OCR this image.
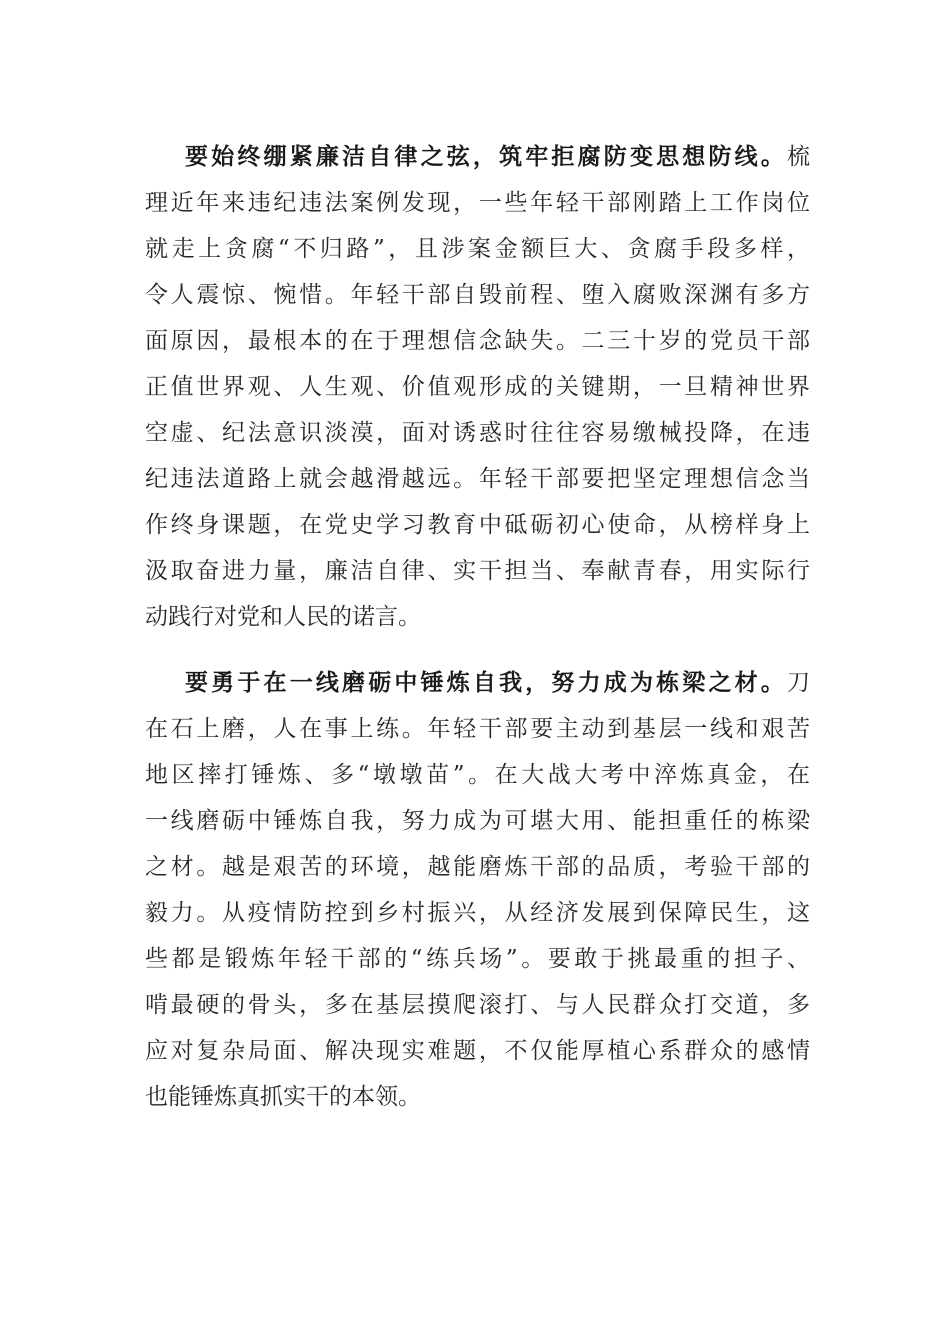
要始终绷紧廉洁自律之弦，筑牢拒腐防变思想防线。梳
理近年来违纪违法案例发现，一些年轻干部刚踏上工作岗位
就走上贪腐“不归路”，且涉案金额巨大、贪腐手段多样，
令人震惊、惋惜。年轻干部自毁前程、堕入腐败深渊有多方
面原因，最根本的在于理想信念缺失。二三十岁的党员干部
正值世界观、人生观、价值观形成的关键期，一旦精神世界
空虚、纪法意识淡漠，面对诱惑时往往容易缴械投降，在违
纪违法道路上就会越滑越远。年轻干部要把坚定理想信念当
作终身课题，在党史学习教育中砥砺初心使命，从榜样身上
汲取奋进力量，廉洁自律、实干担当、奉献青春，用实际行
动践行对党和人民的诺言。
要勇于在一线磨砺中锤炼自我，努力成为栋梁之材。刀
在石上磨，人在事上练。年轻干部要主动到基层一线和艰苦
地区摔打锤炼、多“墩墩苗”。在大战大考中淬炼真金，在
一线磨砺中锤炼自我，努力成为可堪大用、能担重任的栋梁
之材。越是艰苦的环境，越能磨炼干部的品质，考验干部的
毅力。从疫情防控到乡村振兴，从经济发展到保障民生，这
些都是锻炼年轻干部的“练兵场”。要敢于挑最重的担子、
啃最硬的骨头，多在基层摸爬滚打、与人民群众打交道，多
应对复杂局面、解决现实难题，不仅能厚植心系群众的感情
也能锤炼真抓实干的本领。
